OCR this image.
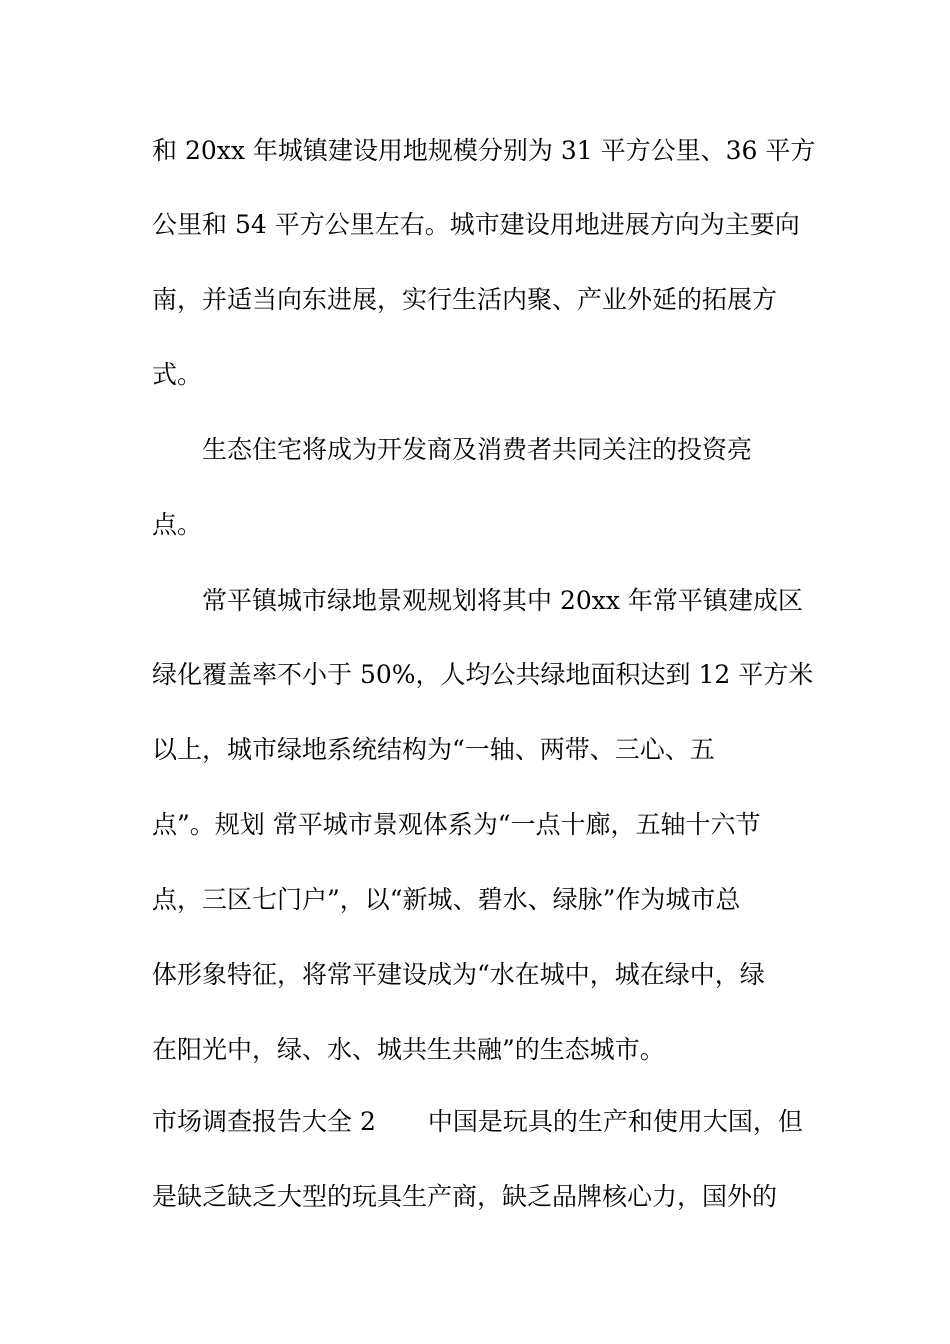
和 20xx 年城镇建设用地规模分别为 31 平方公里、36 平方
公里和 54 平方公里左右。城市建设用地进展方向为主要向
南，并适当向东进展，实行生活内聚、产业外延的拓展方
式。
生态住宅将成为开发商及消费者共同关注的投资亮
点。
常平镇城市绿地景观规划将其中 20xx 年常平镇建成区
绿化覆盖率不小于 50%，人均公共绿地面积达到 12 平方米
以上，城市绿地系统结构为“一轴、两带、三心、五
点”。规划 常平城市景观体系为“一点十廊，五轴十六节
点，三区七门户”，以“新城、碧水、绿脉”作为城市总
体形象特征，将常平建设成为“水在城中，城在绿中，绿
在阳光中，绿、水、城共生共融”的生态城市。
市场调查报告大全 2 中国是玩具的生产和使用大国，但
是缺乏缺乏大型的玩具生产商，缺乏品牌核心力，国外的
